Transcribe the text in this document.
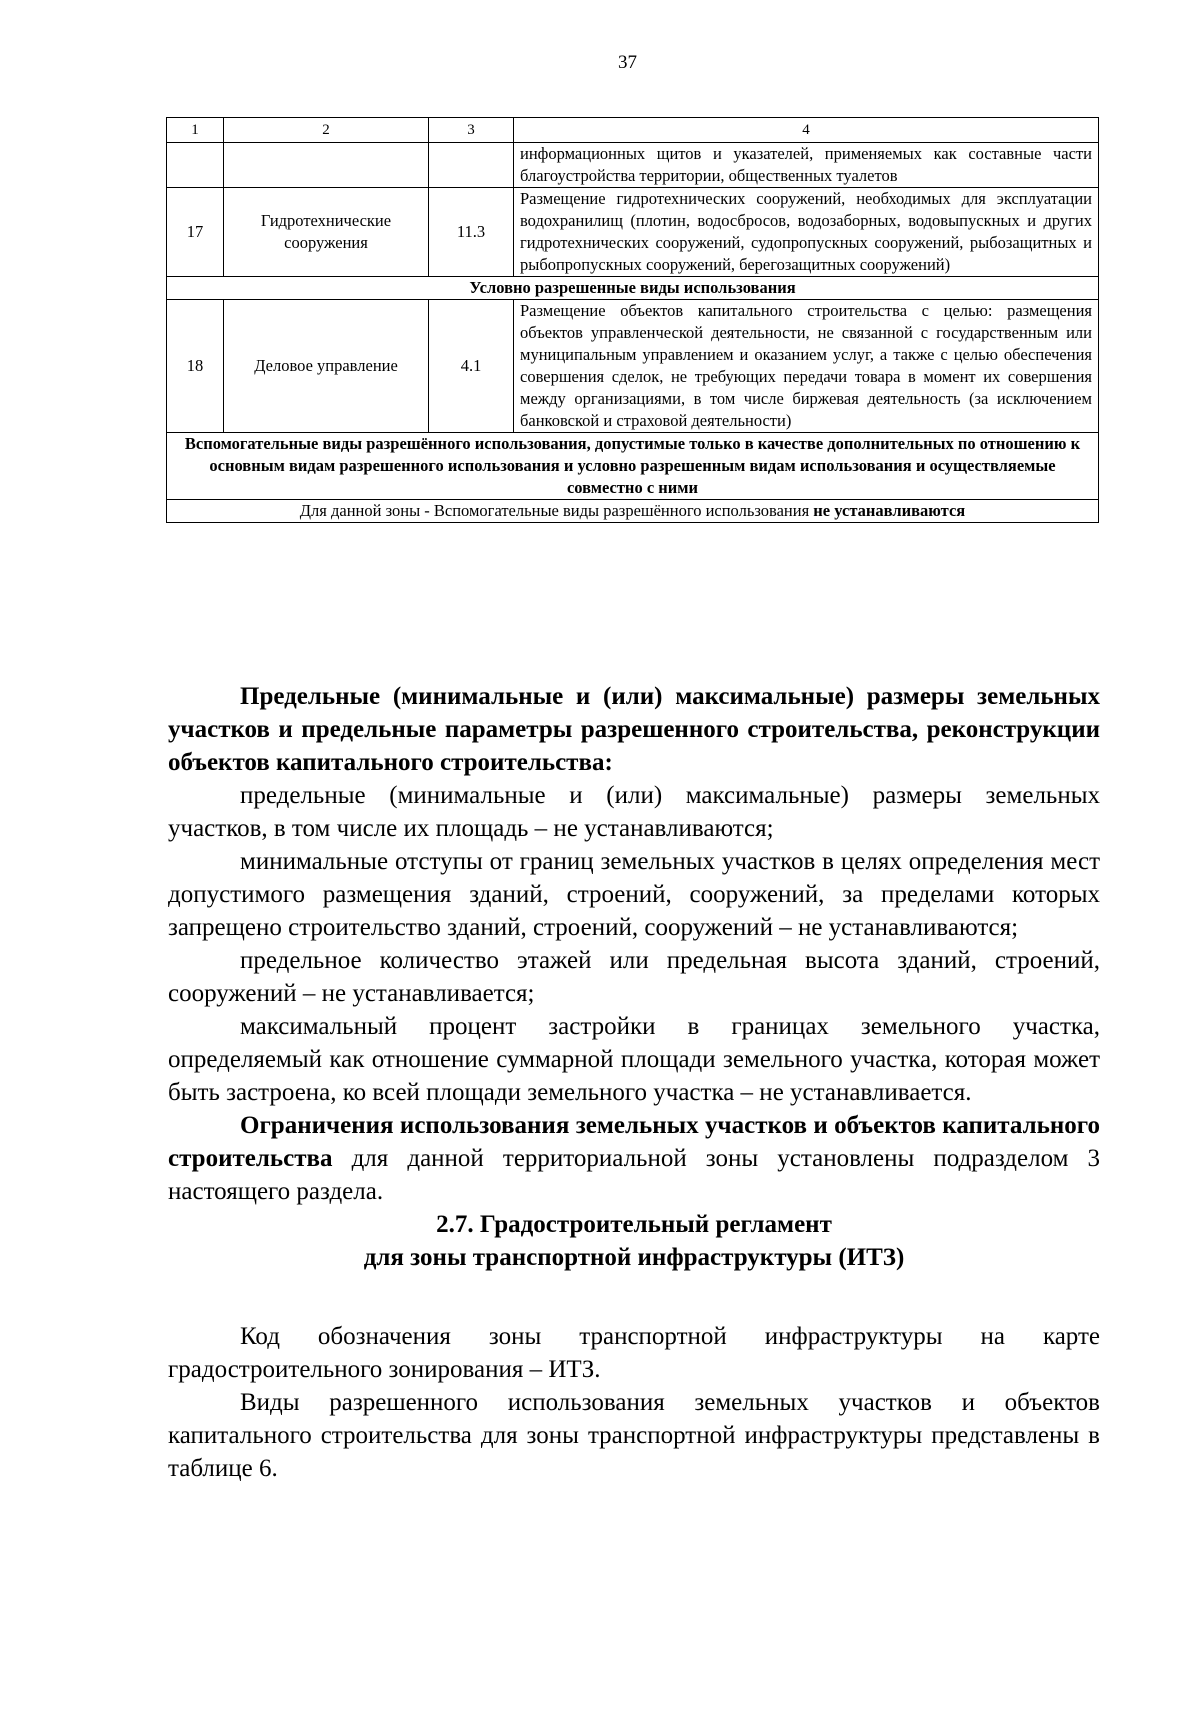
37
1	2	3	4
			информационных щитов и указателей, применяемых как составные части благоустройства территории, общественных туалетов
17	Гидротехнические сооружения	11.3	Размещение гидротехнических сооружений, необходимых для эксплуатации водохранилищ (плотин, водосбросов, водозаборных, водовыпускных и других гидротехнических сооружений, судопропускных сооружений, рыбозащитных и рыбопропускных сооружений, берегозащитных сооружений)
Условно разрешенные виды использования			
18	Деловое управление	4.1	Размещение объектов капитального строительства с целью: размещения объектов управленческой деятельности, не связанной с государственным или муниципальным управлением и оказанием услуг, а также с целью обеспечения совершения сделок, не требующих передачи товара в момент их совершения между организациями, в том числе биржевая деятельность (за исключением банковской и страховой деятельности)
Вспомогательные виды разрешённого использования, допустимые только в качестве дополнительных по отношению к основным видам разрешенного использования и условно разрешенным видам использования и осуществляемые совместно с ними			
Для данной зоны - Вспомогательные виды разрешённого использования не устанавливаются			

Предельные (минимальные и (или) максимальные) размеры земельных участков и предельные параметры разрешенного строительства, реконструкции объектов капитального строительства:

предельные (минимальные и (или) максимальные) размеры земельных участков, в том числе их площадь – не устанавливаются;

минимальные отступы от границ земельных участков в целях определения мест допустимого размещения зданий, строений, сооружений, за пределами которых запрещено строительство зданий, строений, сооружений – не устанавливаются;

предельное количество этажей или предельная высота зданий, строений, сооружений – не устанавливается;

максимальный процент застройки в границах земельного участка, определяемый как отношение суммарной площади земельного участка, которая может быть застроена, ко всей площади земельного участка – не устанавливается.

Ограничения использования земельных участков и объектов капитального строительства для данной территориальной зоны установлены подразделом 3 настоящего раздела.

2.7. Градостроительный регламент

для зоны транспортной инфраструктуры (ИТЗ)

Код обозначения зоны транспортной инфраструктуры на карте градостроительного зонирования – ИТЗ.

Виды разрешенного использования земельных участков и объектов капитального строительства для зоны транспортной инфраструктуры представлены в таблице 6.
